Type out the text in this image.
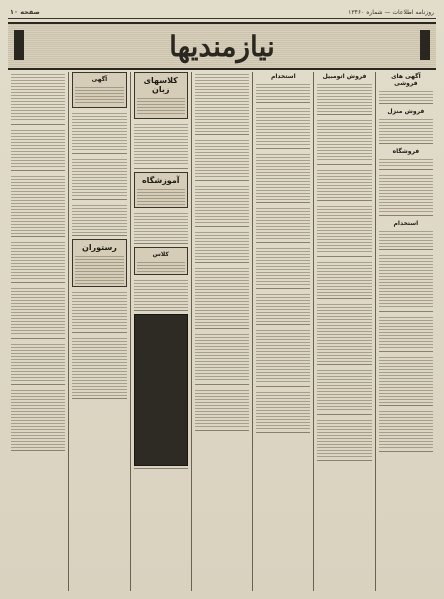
صفحه ۱۰	روزنامه اطلاعات — شماره ۱۳۴۶۰
نیازمندیها
آگهی های فروشی
فروش منزل
فروشگاه
استخدام
فروش اتومبیل
استخدام
کلاسهای زبان
آموزشگاه
کلاس
آگهی
رستوران
